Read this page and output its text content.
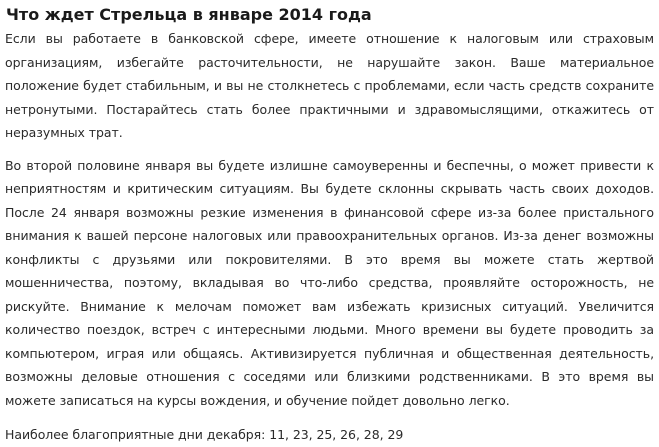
Что ждет Стрельца в январе 2014 года

Если вы работаете в банковской сфере, имеете отношение к налоговым или страховым организациям, избегайте расточительности, не нарушайте закон. Ваше материальное положение будет стабильным, и вы не столкнетесь с проблемами, если часть средств сохраните нетронутыми. Постарайтесь стать более практичными и здравомыслящими, откажитесь от неразумных трат.

Во второй половине января вы будете излишне самоуверенны и беспечны, о может привести к неприятностям и критическим ситуациям. Вы будете склонны скрывать часть своих доходов. После 24 января возможны резкие изменения в финансовой сфере из-за более пристального внимания к вашей персоне налоговых или правоохранительных органов. Из-за денег возможны конфликты с друзьями или покровителями. В это время вы можете стать жертвой мошенничества, поэтому, вкладывая во что-либо средства, проявляйте осторожность, не рискуйте. Внимание к мелочам поможет вам избежать кризисных ситуаций. Увеличится количество поездок, встреч с интересными людьми. Много времени вы будете проводить за компьютером, играя или общаясь. Активизируется публичная и общественная деятельность, возможны деловые отношения с соседями или близкими родственниками. В это время вы можете записаться на курсы вождения, и обучение пойдет довольно легко.

Наиболее благоприятные дни декабря: 11, 23, 25, 26, 28, 29
